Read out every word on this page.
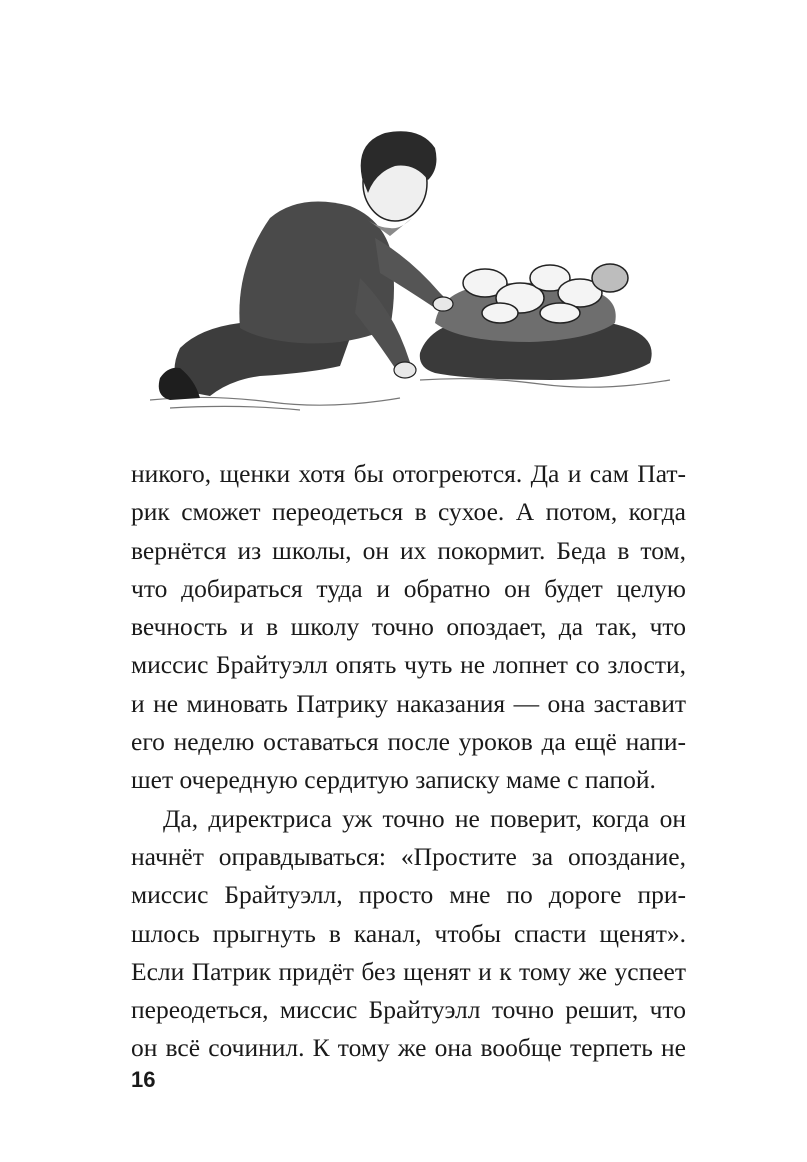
никого, щенки хотя бы отогреются. Да и сам Пат-
рик сможет переодеться в сухое. А потом, когда
вернётся из школы, он их покормит. Беда в том,
что добираться туда и обратно он будет целую
вечность и в школу точно опоздает, да так, что
миссис Брайтуэлл опять чуть не лопнет со злости,
и не миновать Патрику наказания — она заставит
его неделю оставаться после уроков да ещё напи-
шет очередную сердитую записку маме с папой.
Да, директриса уж точно не поверит, когда он
начнёт оправдываться: «Простите за опоздание,
миссис Брайтуэлл, просто мне по дороге при-
шлось прыгнуть в канал, чтобы спасти щенят».
Если Патрик придёт без щенят и к тому же успеет
переодеться, миссис Брайтуэлл точно решит, что
он всё сочинил. К тому же она вообще терпеть не
16
